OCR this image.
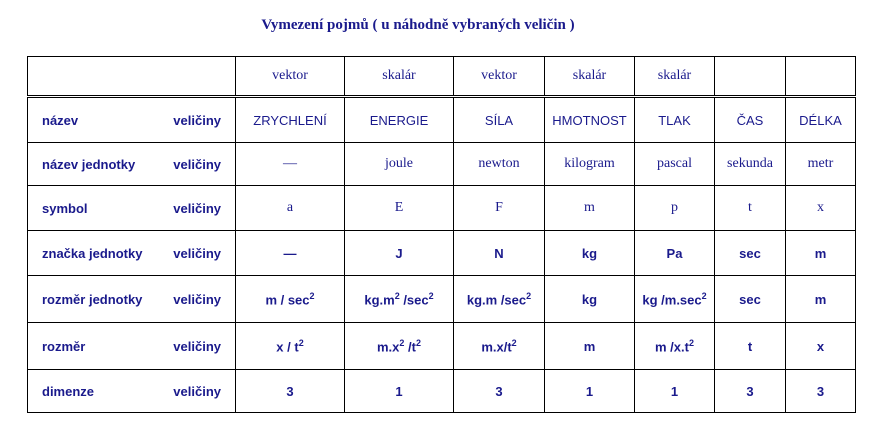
Vymezení pojmů ( u náhodně vybraných veličin )
	vektor	skalár	vektor	skalár	skalár		

název veličiny	ZRYCHLENÍ	ENERGIE	SÍLA	HMOTNOST	TLAK	ČAS	DÉLKA

název jednotky veličiny	—	joule	newton	kilogram	pascal	sekunda	metr

symbol veličiny	a	E	F	m	p	t	x

značka jednotky veličiny	—	J	N	kg	Pa	sec	m

rozměr jednotky veličiny	m / $\sec^2$	$kg.m^2$ $/\sec^2$	kg.m $/\sec^2$	kg	kg $/m.\sec^2$	sec	m

rozměr veličiny	x / $t^2$	$m.x^2$ $/t^2$	$m.x/t^2$	m	m $/x.t^2$	t	x

dimenze veličiny	3	1	3	1	1	3	3
